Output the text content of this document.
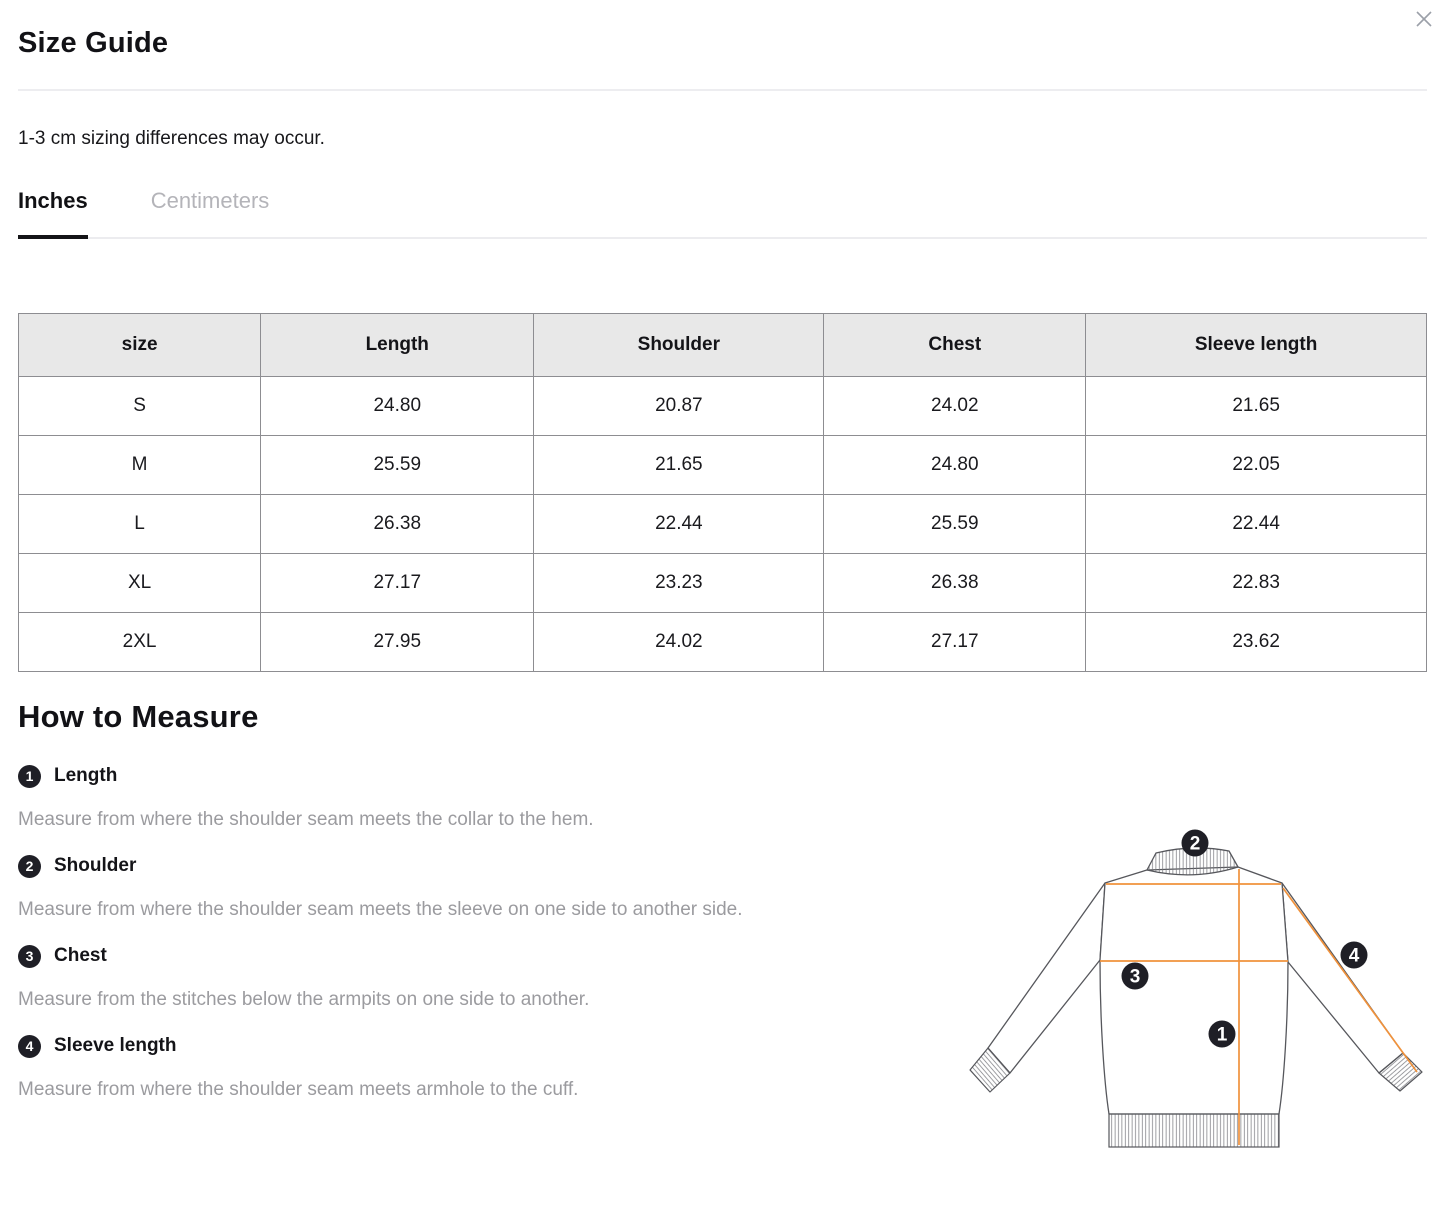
Size Guide

1-3 cm sizing differences may occur.

Inches	Centimeters
size	Length	Shoulder	Chest	Sleeve length
S	24.80	20.87	24.02	21.65
M	25.59	21.65	24.80	22.05
L	26.38	22.44	25.59	22.44
XL	27.17	23.23	26.38	22.83
2XL	27.95	24.02	27.17	23.62
How to Measure
1	Length

Measure from where the shoulder seam meets the collar to the hem.

2	Shoulder

Measure from where the shoulder seam meets the sleeve on one side to another side.

3	Chest

Measure from the stitches below the armpits on one side to another.

4	Sleeve length

Measure from where the shoulder seam meets armhole to the cuff.

2
3
1
4
